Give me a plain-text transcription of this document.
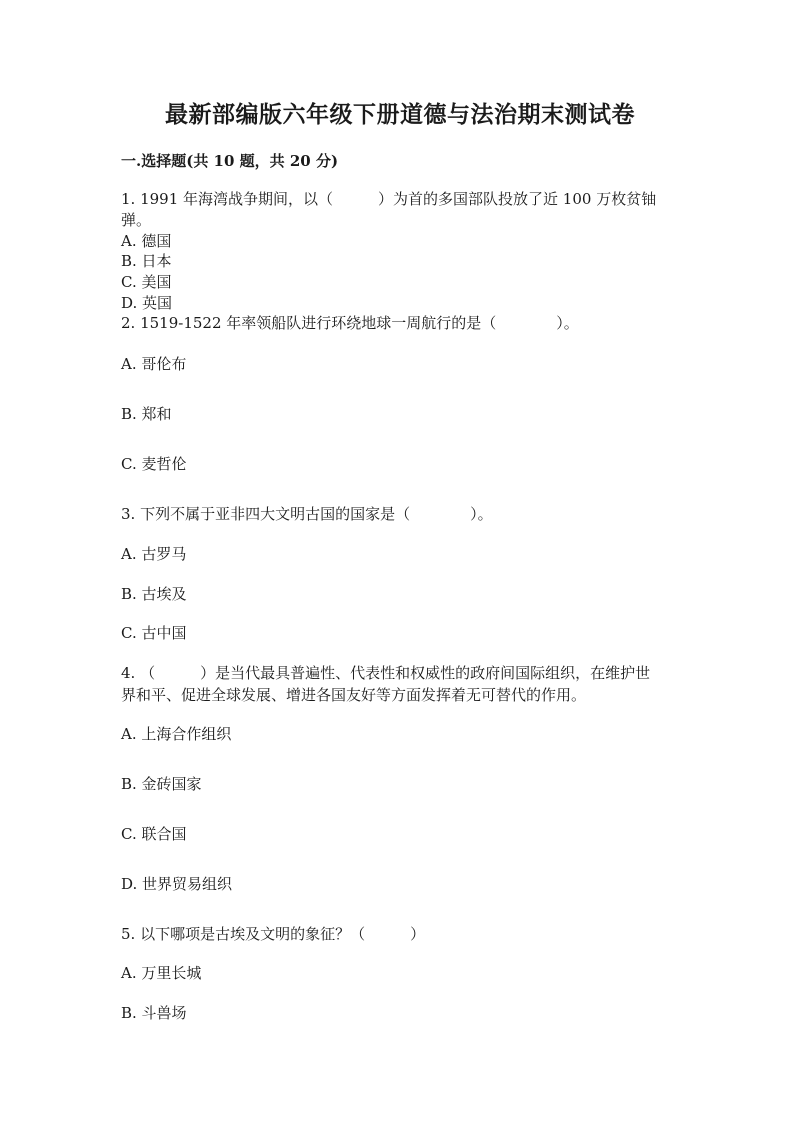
最新部编版六年级下册道德与法治期末测试卷
一.选择题(共 10 题，共 20 分)
1. 1991 年海湾战争期间，以（　　　）为首的多国部队投放了近 100 万枚贫铀
弹。
A. 德国
B. 日本
C. 美国
D. 英国
2. 1519-1522 年率领船队进行环绕地球一周航行的是（　　　　）。
A. 哥伦布
B. 郑和
C. 麦哲伦
3. 下列不属于亚非四大文明古国的国家是（　　　　）。
A. 古罗马
B. 古埃及
C. 古中国
4. （　　　）是当代最具普遍性、代表性和权威性的政府间国际组织，在维护世
界和平、促进全球发展、增进各国友好等方面发挥着无可替代的作用。
A. 上海合作组织
B. 金砖国家
C. 联合国
D. 世界贸易组织
5. 以下哪项是古埃及文明的象征？（　　　）
A. 万里长城
B. 斗兽场
